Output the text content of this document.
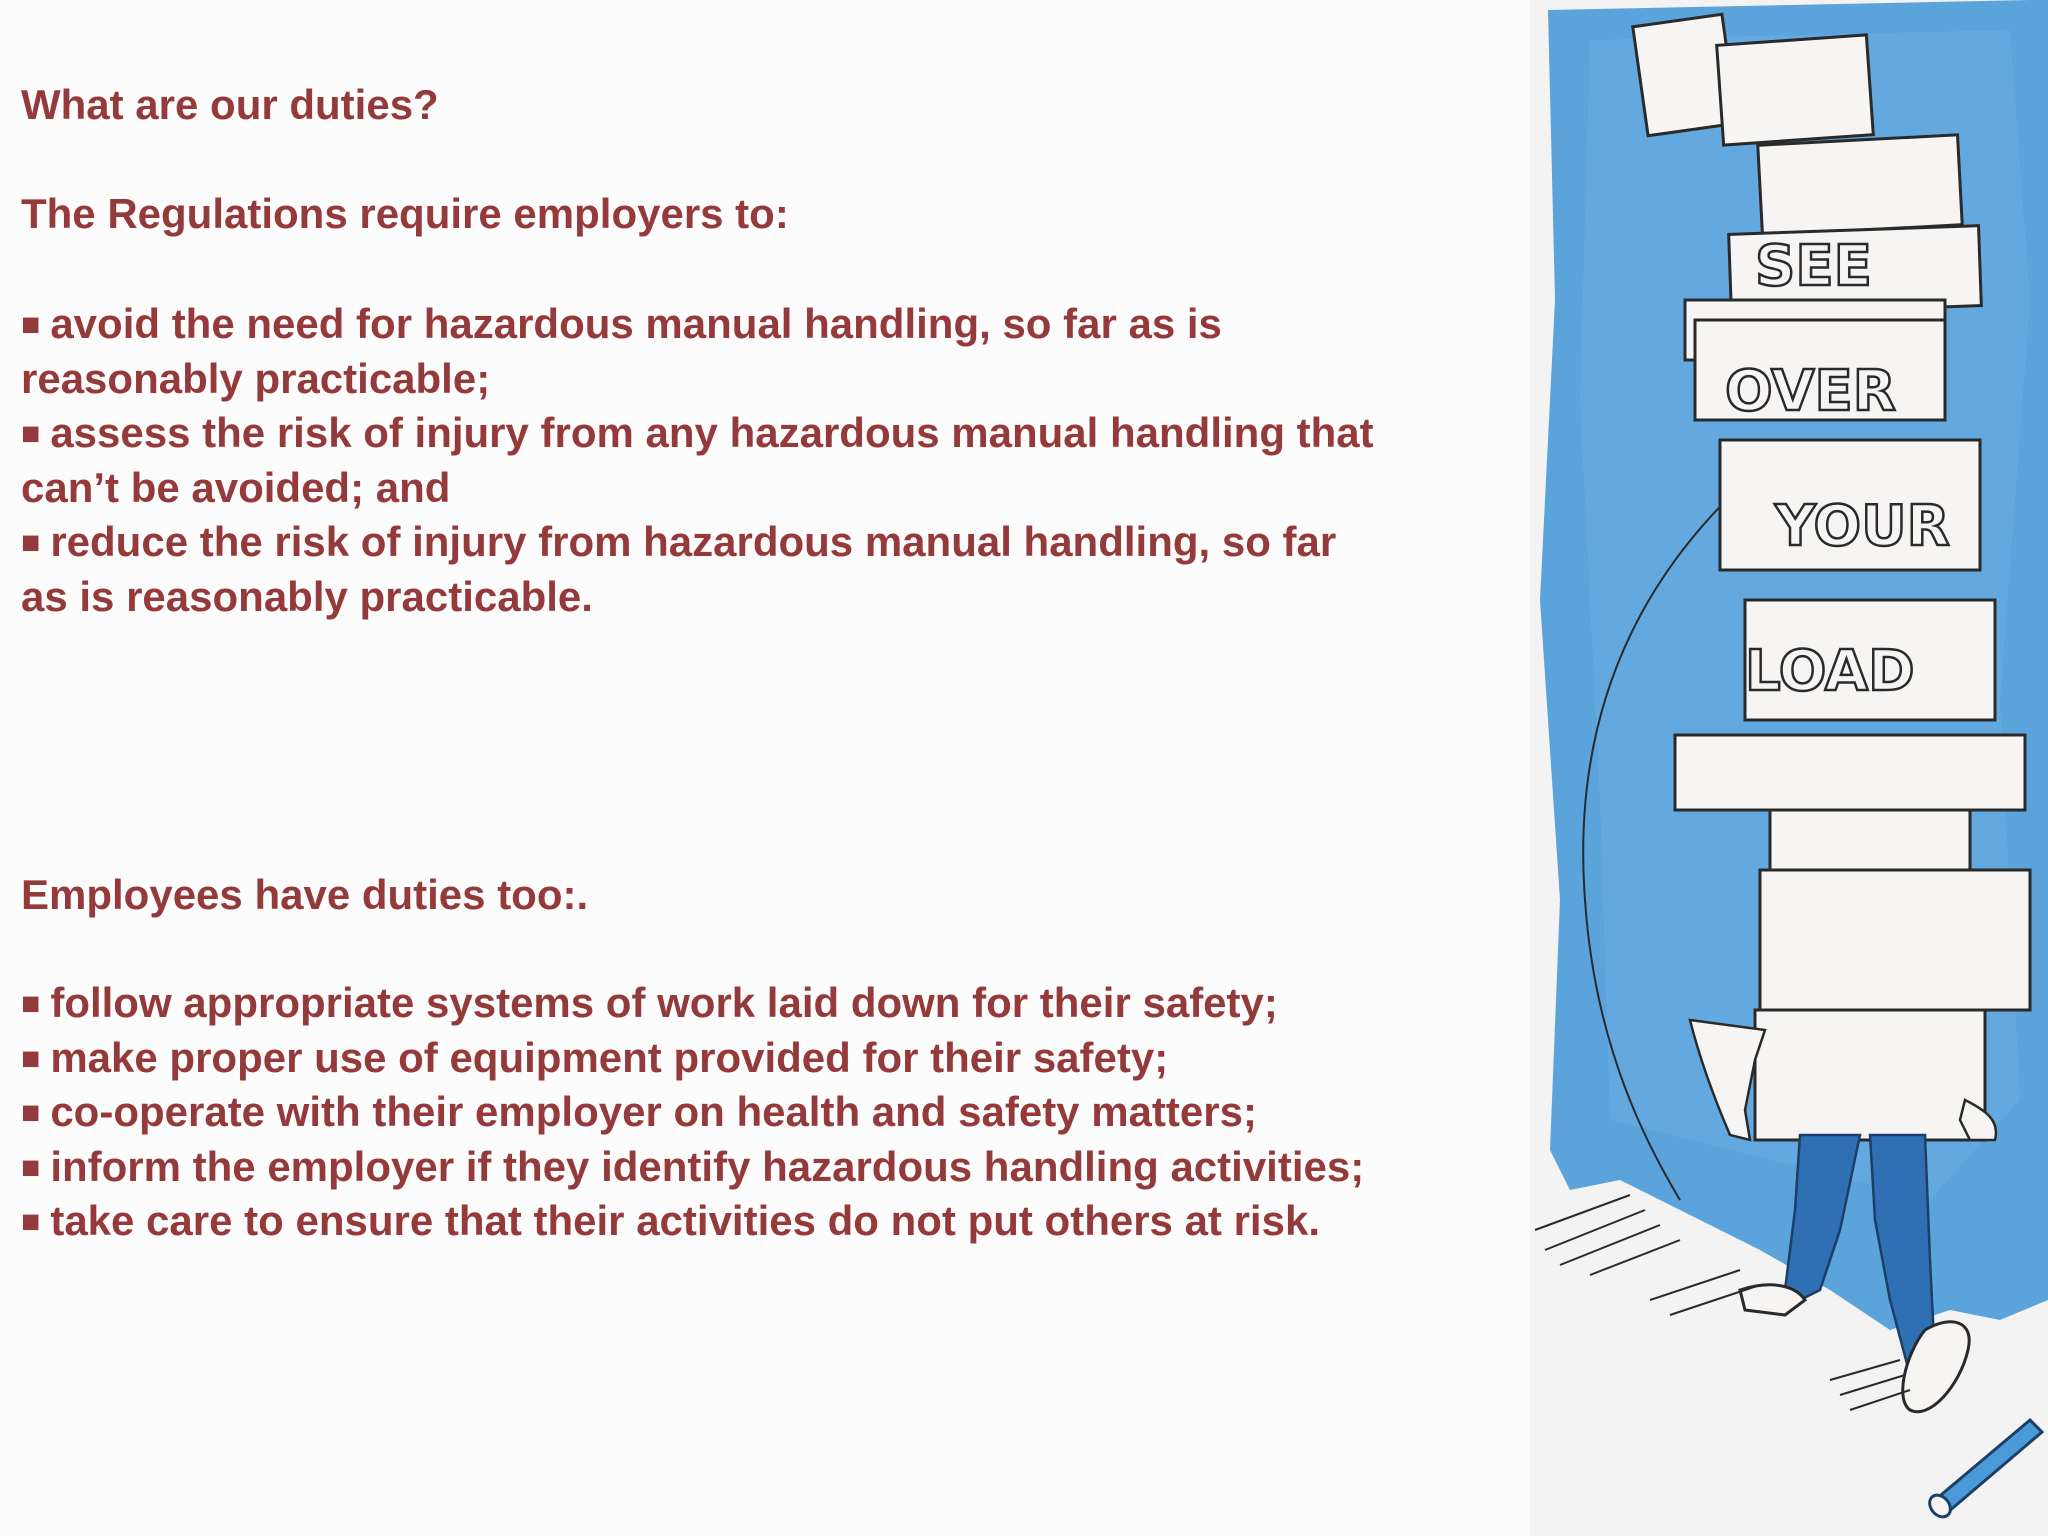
What are our duties?

The Regulations require employers to:

■ avoid the need for hazardous manual handling, so far as is

reasonably practicable;

■ assess the risk of injury from any hazardous manual handling that

can’t be avoided; and

■ reduce the risk of injury from hazardous manual handling, so far

as is reasonably practicable.

Employees have duties too:.

■ follow appropriate systems of work laid down for their safety;

■ make proper use of equipment provided for their safety;

■ co-operate with their employer on health and safety matters;

■ inform the employer if they identify hazardous handling activities;

■ take care to ensure that their activities do not put others at risk.

SEE
OVER
YOUR
LOAD
